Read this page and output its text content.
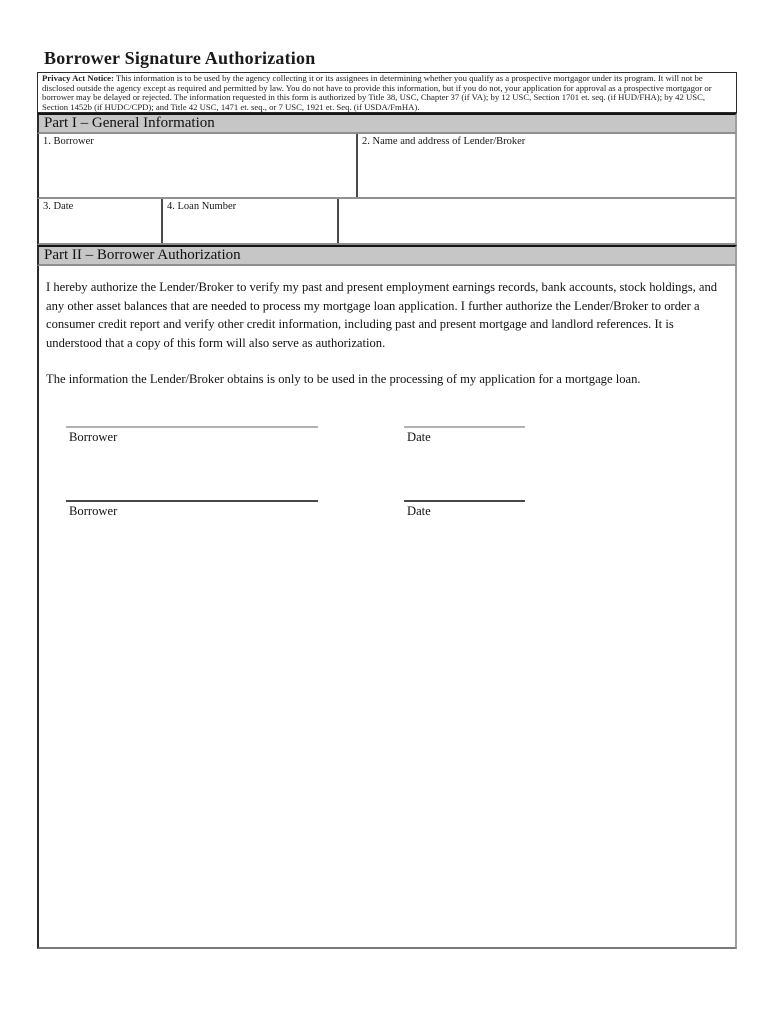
Borrower Signature Authorization
Privacy Act Notice: This information is to be used by the agency collecting it or its assignees in determining whether you qualify as a prospective mortgagor under its program. It will not be disclosed outside the agency except as required and permitted by law. You do not have to provide this information, but if you do not, your application for approval as a prospective mortgagor or borrower may be delayed or rejected. The information requested in this form is authorized by Title 38, USC, Chapter 37 (if VA); by 12 USC, Section 1701 et. seq. (if HUD/FHA); by 42 USC, Section 1452b (if HUDC/CPD); and Title 42 USC, 1471 et. seq., or 7 USC, 1921 et. Seq. (if USDA/FmHA).
Part I – General Information
1. Borrower	2. Name and address of Lender/Broker
3. Date	4. Loan Number
Part II – Borrower Authorization
I hereby authorize the Lender/Broker to verify my past and present employment earnings records, bank accounts, stock holdings, and any other asset balances that are needed to process my mortgage loan application. I further authorize the Lender/Broker to order a consumer credit report and verify other credit information, including past and present mortgage and landlord references. It is understood that a copy of this form will also serve as authorization.
The information the Lender/Broker obtains is only to be used in the processing of my application for a mortgage loan.
Borrower	Date
Borrower	Date
